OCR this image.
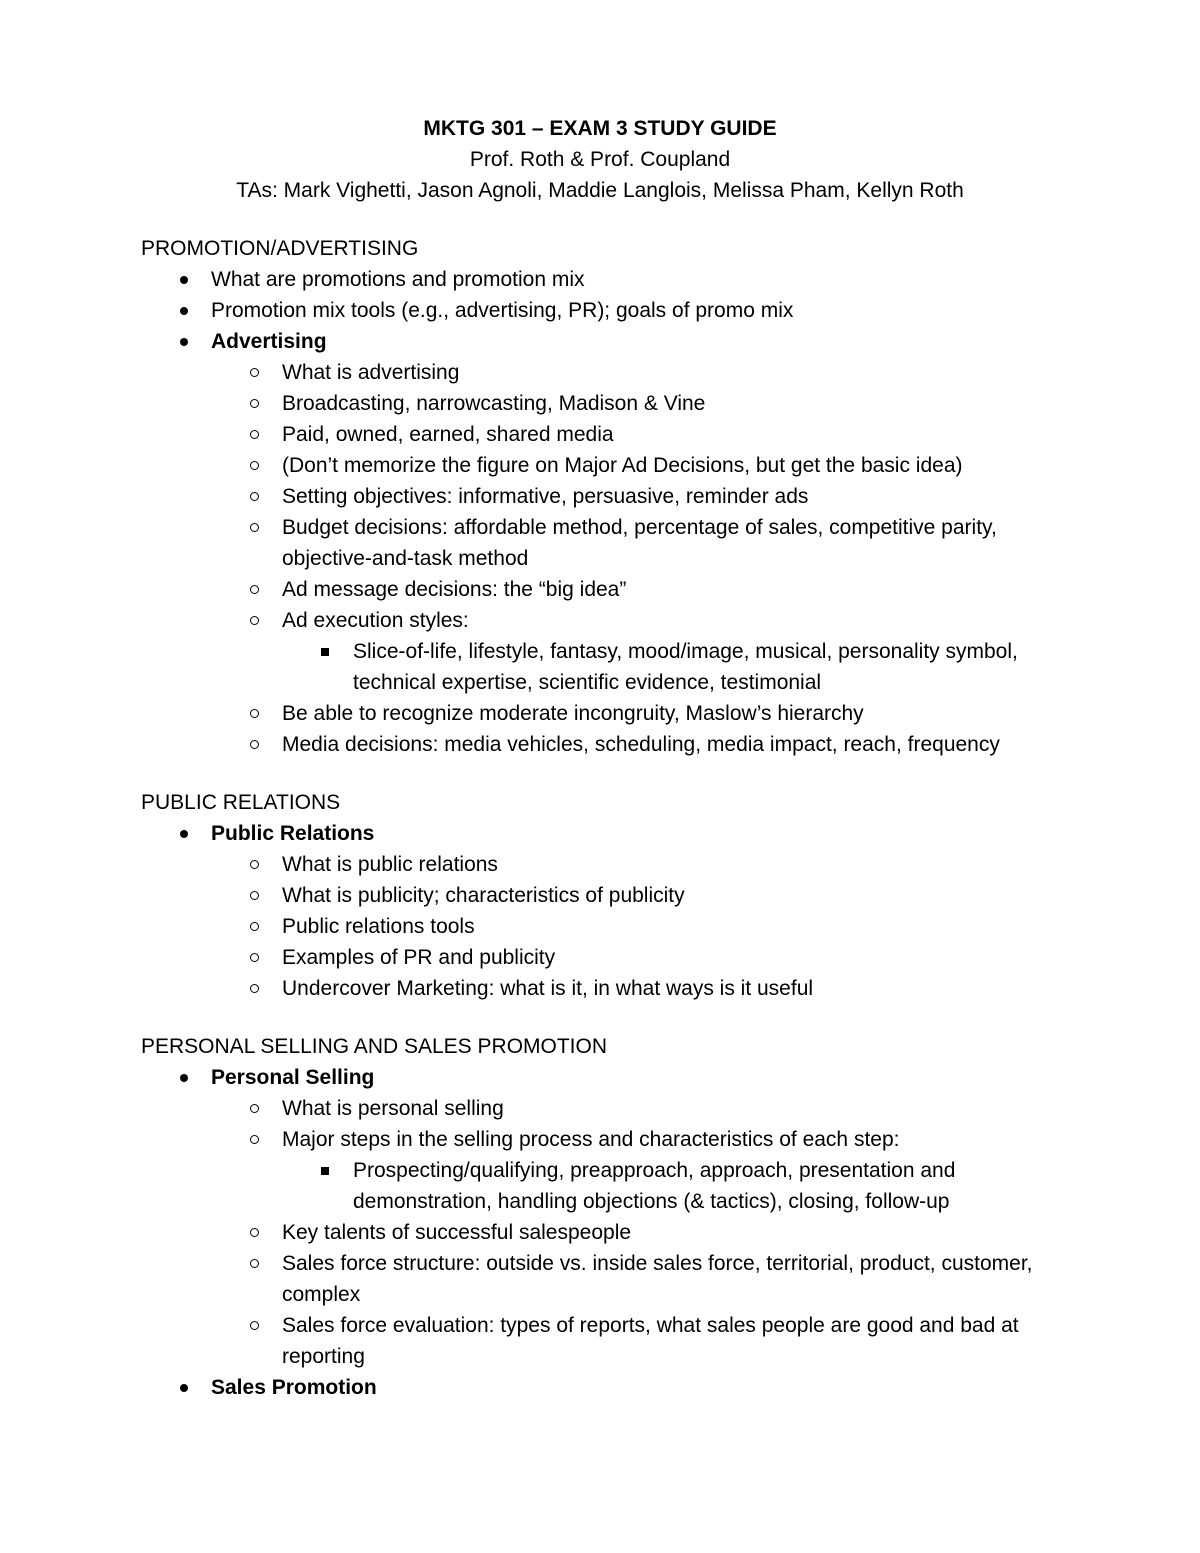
MKTG 301 – EXAM 3 STUDY GUIDE
Prof. Roth & Prof. Coupland
TAs: Mark Vighetti, Jason Agnoli, Maddie Langlois, Melissa Pham, Kellyn Roth
PROMOTION/ADVERTISING
What are promotions and promotion mix
Promotion mix tools (e.g., advertising, PR); goals of promo mix
Advertising
What is advertising
Broadcasting, narrowcasting, Madison & Vine
Paid, owned, earned, shared media
(Don’t memorize the figure on Major Ad Decisions, but get the basic idea)
Setting objectives: informative, persuasive, reminder ads
Budget decisions: affordable method, percentage of sales, competitive parity, objective-and-task method
Ad message decisions: the “big idea”
Ad execution styles:
Slice-of-life, lifestyle, fantasy, mood/image, musical, personality symbol, technical expertise, scientific evidence, testimonial
Be able to recognize moderate incongruity, Maslow’s hierarchy
Media decisions: media vehicles, scheduling, media impact, reach, frequency
PUBLIC RELATIONS
Public Relations
What is public relations
What is publicity; characteristics of publicity
Public relations tools
Examples of PR and publicity
Undercover Marketing: what is it, in what ways is it useful
PERSONAL SELLING AND SALES PROMOTION
Personal Selling
What is personal selling
Major steps in the selling process and characteristics of each step:
Prospecting/qualifying, preapproach, approach, presentation and demonstration, handling objections (& tactics), closing, follow-up
Key talents of successful salespeople
Sales force structure: outside vs. inside sales force, territorial, product, customer, complex
Sales force evaluation: types of reports, what sales people are good and bad at reporting
Sales Promotion
